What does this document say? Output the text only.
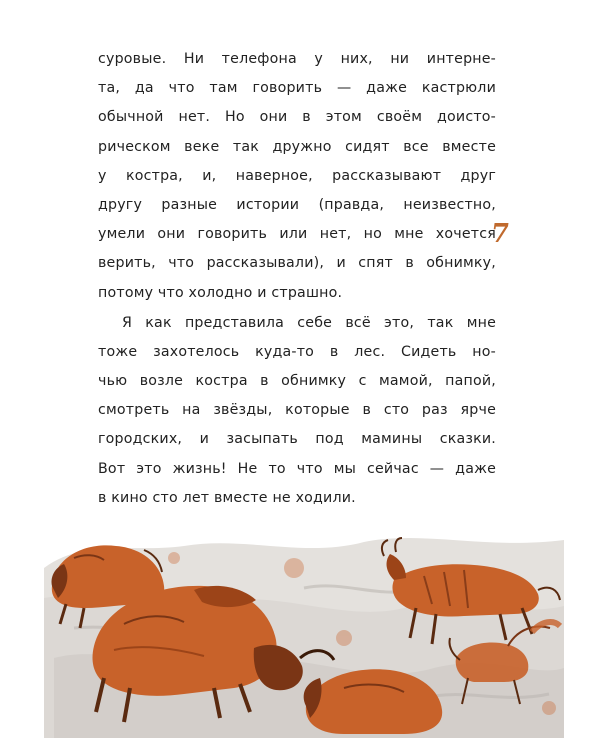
суровые. Ни телефона у них, ни интерне-
та, да что там говорить — даже кастрюли
обычной нет. Но они в этом своём доисто-
рическом веке так дружно сидят все вместе
у костра, и, наверное, рассказывают друг
другу разные истории (правда, неизвестно,
умели они говорить или нет, но мне хочется
верить, что рассказывали), и спят в обнимку,
потому что холодно и страшно.
Я как представила себе всё это, так мне
тоже захотелось куда-то в лес. Сидеть но-
чью возле костра в обнимку с мамой, папой,
смотреть на звёзды, которые в сто раз ярче
городских, и засыпать под мамины сказки.
Вот это жизнь! Не то что мы сейчас — даже
в кино сто лет вместе не ходили.
7
